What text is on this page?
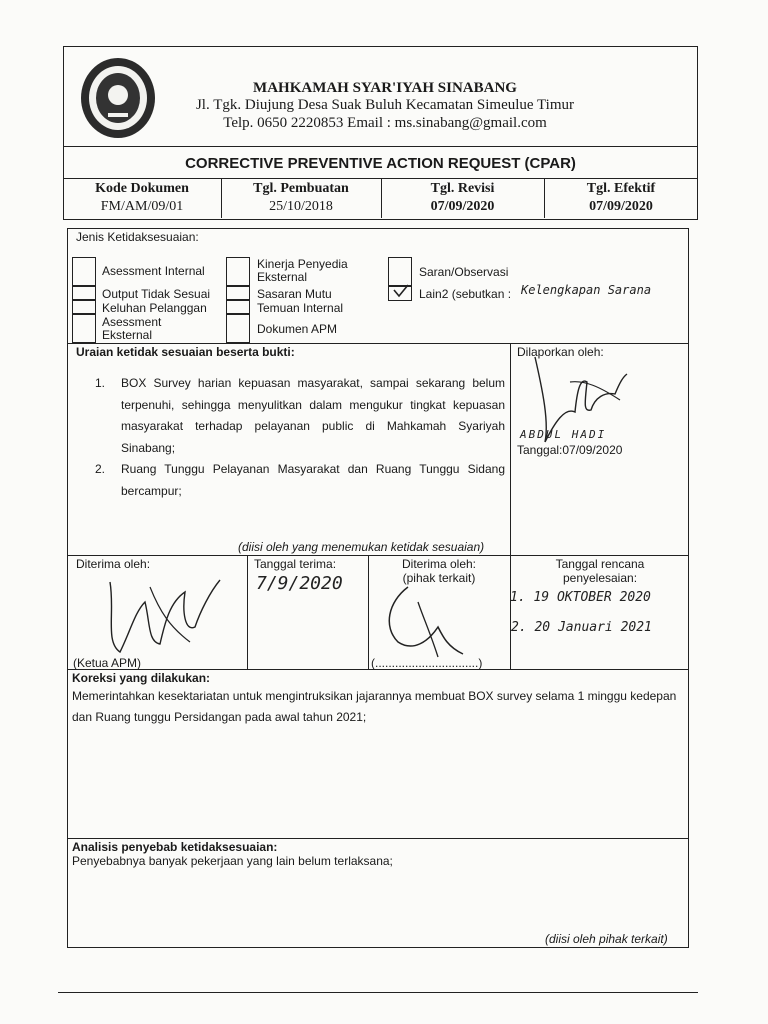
MAHKAMAH SYAR'IYAH SINABANG
Jl. Tgk. Diujung Desa Suak Buluh Kecamatan Simeulue Timur
Telp. 0650 2220853 Email : ms.sinabang@gmail.com
CORRECTIVE PREVENTIVE ACTION REQUEST (CPAR)
Kode Dokumen
FM/AM/09/01
Tgl. Pembuatan
25/10/2018
Tgl. Revisi
07/09/2020
Tgl. Efektif
07/09/2020
Jenis Ketidaksesuaian:
Asessment Internal
Output Tidak Sesuai
Keluhan Pelanggan
Asessment Eksternal
Kinerja Penyedia Eksternal
Sasaran Mutu
Temuan Internal
Dokumen APM
Saran/Observasi
Lain2 (sebutkan : Kelengkapan Sarana
Uraian ketidak sesuaian beserta bukti:
1.	BOX Survey harian kepuasan masyarakat, sampai sekarang belum terpenuhi, sehingga menyulitkan dalam mengukur tingkat kepuasan masyarakat terhadap pelayanan public di Mahkamah Syariyah Sinabang;
2.	Ruang Tunggu Pelayanan Masyarakat dan Ruang Tunggu Sidang bercampur;
(diisi oleh yang menemukan ketidak sesuaian)
Dilaporkan oleh:
ABDUL HADI
Tanggal:07/09/2020
Diterima oleh:
(Ketua APM)
Tanggal terima:
7/9/2020
Diterima oleh:
(pihak terkait)
(...............................)
Tanggal rencana penyelesaian:
1. 19 OKTOBER 2020
2. 20 Januari 2021
Koreksi yang dilakukan:
Memerintahkan kesektariatan untuk mengintruksikan jajarannya membuat BOX survey selama 1 minggu kedepan dan Ruang tunggu Persidangan pada awal tahun 2021;
Analisis penyebab ketidaksesuaian:
Penyebabnya banyak pekerjaan yang lain belum terlaksana;
(diisi oleh pihak terkait)
